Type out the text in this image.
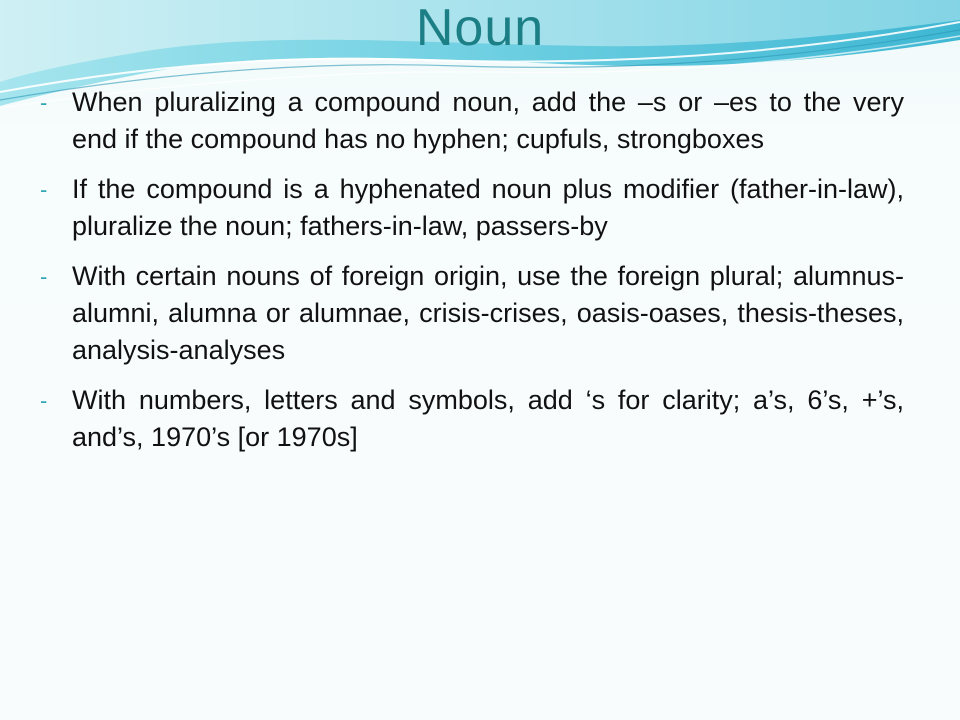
Noun
- When pluralizing a compound noun, add the –s or –es to the very end if the compound has no hyphen; cupfuls, strongboxes
- If the compound is a hyphenated noun plus modifier (father-in-law), pluralize the noun; fathers-in-law, passers-by
- With certain nouns of foreign origin, use the foreign plural; alumnus-alumni, alumna or alumnae, crisis-crises, oasis-oases, thesis-theses, analysis-analyses
- With numbers, letters and symbols, add ‘s for clarity; a’s, 6’s, +’s, and’s, 1970’s [or 1970s]
